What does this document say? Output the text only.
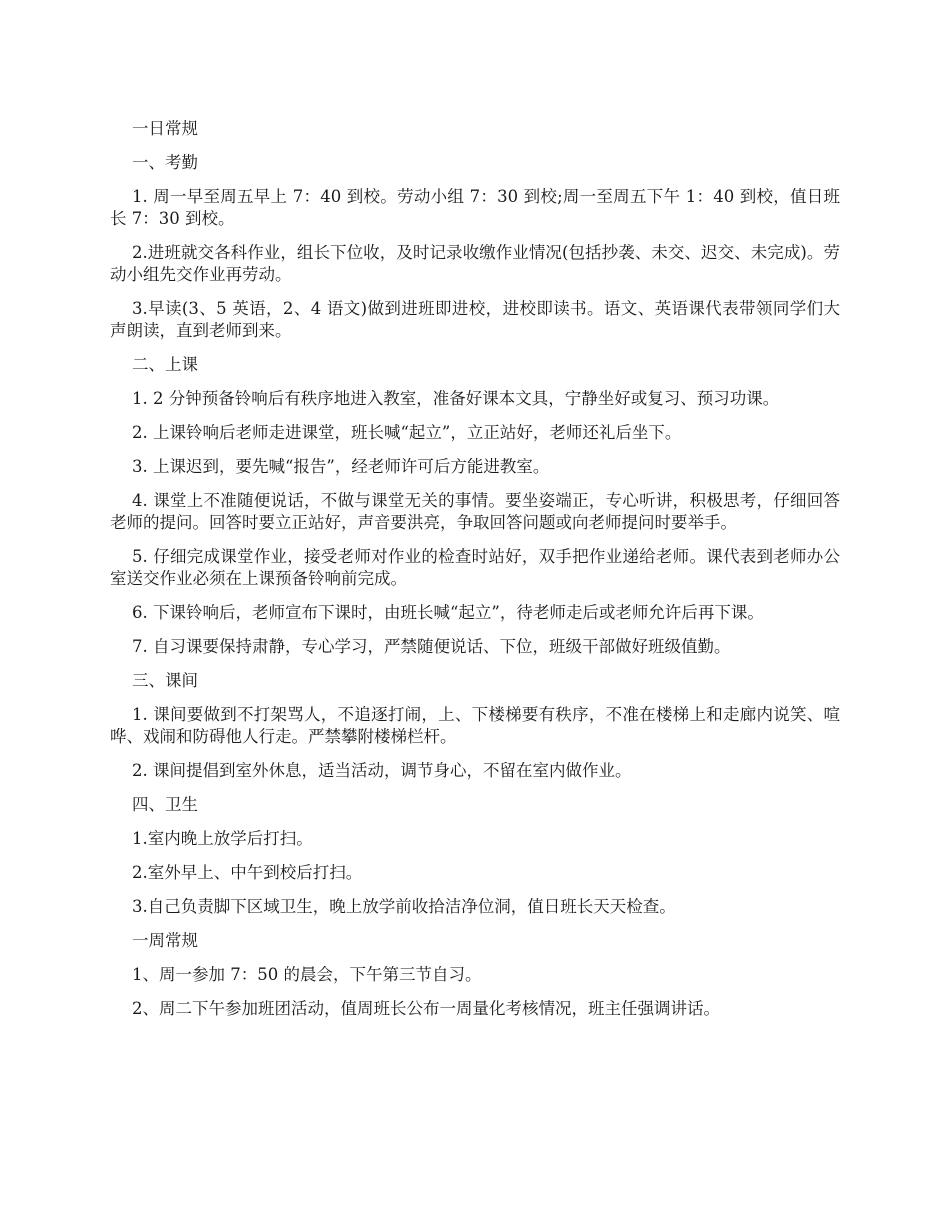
一日常规

一、考勤

1. 周一早至周五早上 7：40 到校。劳动小组 7：30 到校;周一至周五下午 1：40 到校，值日班长 7：30 到校。

2.进班就交各科作业，组长下位收，及时记录收缴作业情况(包括抄袭、未交、迟交、未完成)。劳动小组先交作业再劳动。

3.早读(3、5 英语，2、4 语文)做到进班即进校，进校即读书。语文、英语课代表带领同学们大声朗读，直到老师到来。

二、上课

1. 2 分钟预备铃响后有秩序地进入教室，准备好课本文具，宁静坐好或复习、预习功课。

2. 上课铃响后老师走进课堂，班长喊“起立”，立正站好，老师还礼后坐下。

3. 上课迟到，要先喊“报告”，经老师许可后方能进教室。

4. 课堂上不准随便说话，不做与课堂无关的事情。要坐姿端正，专心听讲，积极思考，仔细回答老师的提问。回答时要立正站好，声音要洪亮，争取回答问题或向老师提问时要举手。

5. 仔细完成课堂作业，接受老师对作业的检查时站好，双手把作业递给老师。课代表到老师办公室送交作业必须在上课预备铃响前完成。

6. 下课铃响后，老师宣布下课时，由班长喊“起立”，待老师走后或老师允许后再下课。

7. 自习课要保持肃静，专心学习，严禁随便说话、下位，班级干部做好班级值勤。

三、课间

1. 课间要做到不打架骂人，不追逐打闹，上、下楼梯要有秩序，不准在楼梯上和走廊内说笑、喧哗、戏闹和防碍他人行走。严禁攀附楼梯栏杆。

2. 课间提倡到室外休息，适当活动，调节身心，不留在室内做作业。

四、卫生

1.室内晚上放学后打扫。

2.室外早上、中午到校后打扫。

3.自己负责脚下区域卫生，晚上放学前收拾洁净位洞，值日班长天天检查。

一周常规

1、周一参加 7：50 的晨会，下午第三节自习。

2、周二下午参加班团活动，值周班长公布一周量化考核情况，班主任强调讲话。
